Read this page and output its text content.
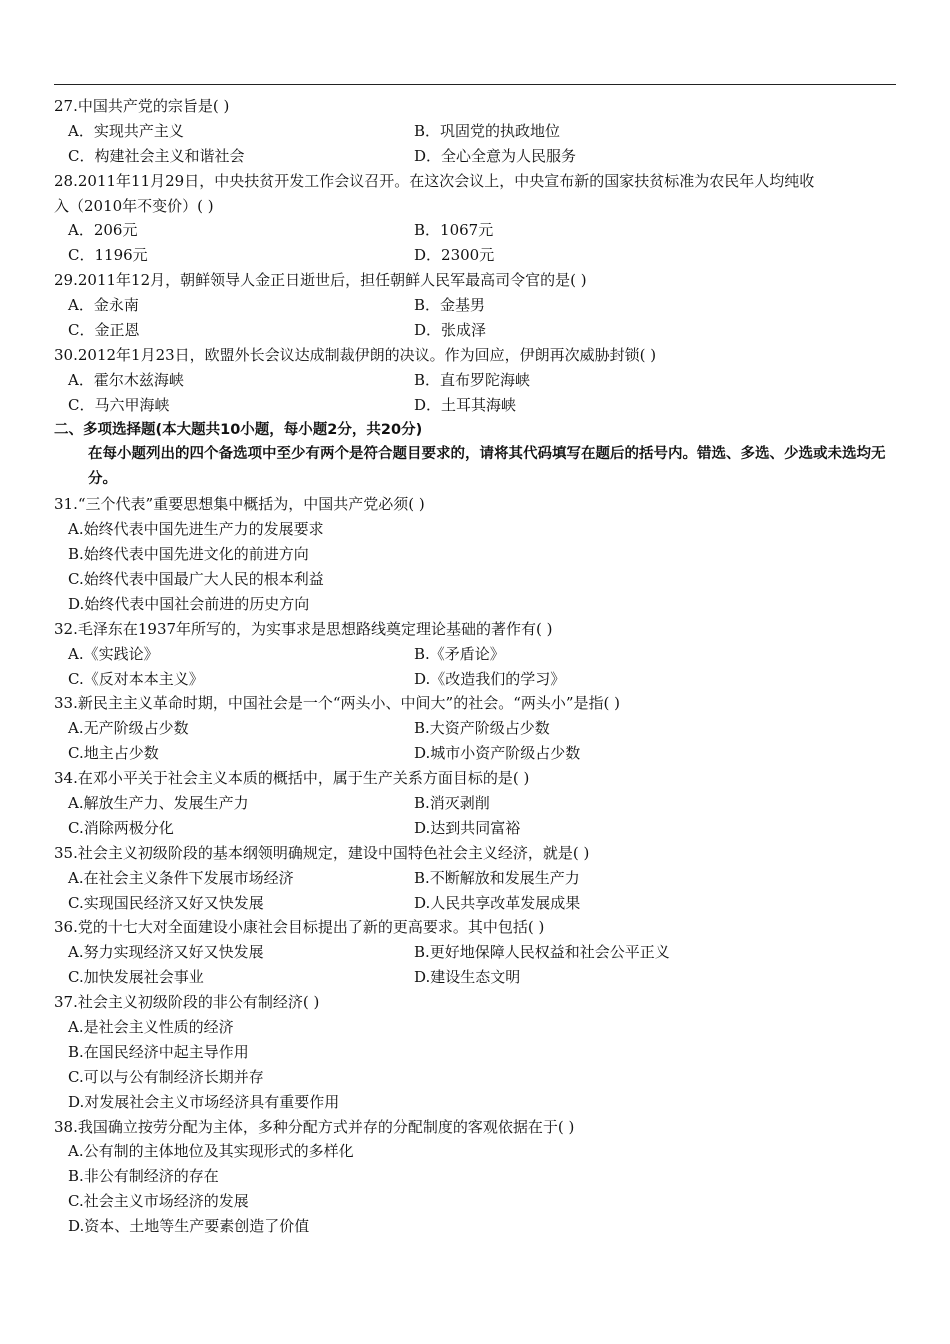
27.中国共产党的宗旨是( )
A．实现共产主义	B．巩固党的执政地位
C．构建社会主义和谐社会	D．全心全意为人民服务
28.2011年11月29日，中央扶贫开发工作会议召开。在这次会议上，中央宣布新的国家扶贫标准为农民年人均纯收
入（2010年不变价）( )
A．206元	B．1067元
C．1196元	D．2300元
29.2011年12月，朝鲜领导人金正日逝世后，担任朝鲜人民军最高司令官的是( )
A．金永南	B．金基男
C．金正恩	D．张成泽
30.2012年1月23日，欧盟外长会议达成制裁伊朗的决议。作为回应，伊朗再次威胁封锁( )
A．霍尔木兹海峡	B．直布罗陀海峡
C．马六甲海峡	D．土耳其海峡
二、多项选择题(本大题共10小题，每小题2分，共20分)
在每小题列出的四个备选项中至少有两个是符合题目要求的，请将其代码填写在题后的括号内。错选、多选、少选或未选均无分。
31.“三个代表”重要思想集中概括为，中国共产党必须( )
A.始终代表中国先进生产力的发展要求
B.始终代表中国先进文化的前进方向
C.始终代表中国最广大人民的根本利益
D.始终代表中国社会前进的历史方向
32.毛泽东在1937年所写的，为实事求是思想路线奠定理论基础的著作有( )
A.《实践论》	B.《矛盾论》
C.《反对本本主义》	D.《改造我们的学习》
33.新民主主义革命时期，中国社会是一个“两头小、中间大”的社会。“两头小”是指( )
A.无产阶级占少数	B.大资产阶级占少数
C.地主占少数	D.城市小资产阶级占少数
34.在邓小平关于社会主义本质的概括中，属于生产关系方面目标的是( )
A.解放生产力、发展生产力	B.消灭剥削
C.消除两极分化	D.达到共同富裕
35.社会主义初级阶段的基本纲领明确规定，建设中国特色社会主义经济，就是( )
A.在社会主义条件下发展市场经济	B.不断解放和发展生产力
C.实现国民经济又好又快发展	D.人民共享改革发展成果
36.党的十七大对全面建设小康社会目标提出了新的更高要求。其中包括( )
A.努力实现经济又好又快发展	B.更好地保障人民权益和社会公平正义
C.加快发展社会事业	D.建设生态文明
37.社会主义初级阶段的非公有制经济( )
A.是社会主义性质的经济
B.在国民经济中起主导作用
C.可以与公有制经济长期并存
D.对发展社会主义市场经济具有重要作用
38.我国确立按劳分配为主体，多种分配方式并存的分配制度的客观依据在于( )
A.公有制的主体地位及其实现形式的多样化
B.非公有制经济的存在
C.社会主义市场经济的发展
D.资本、土地等生产要素创造了价值
